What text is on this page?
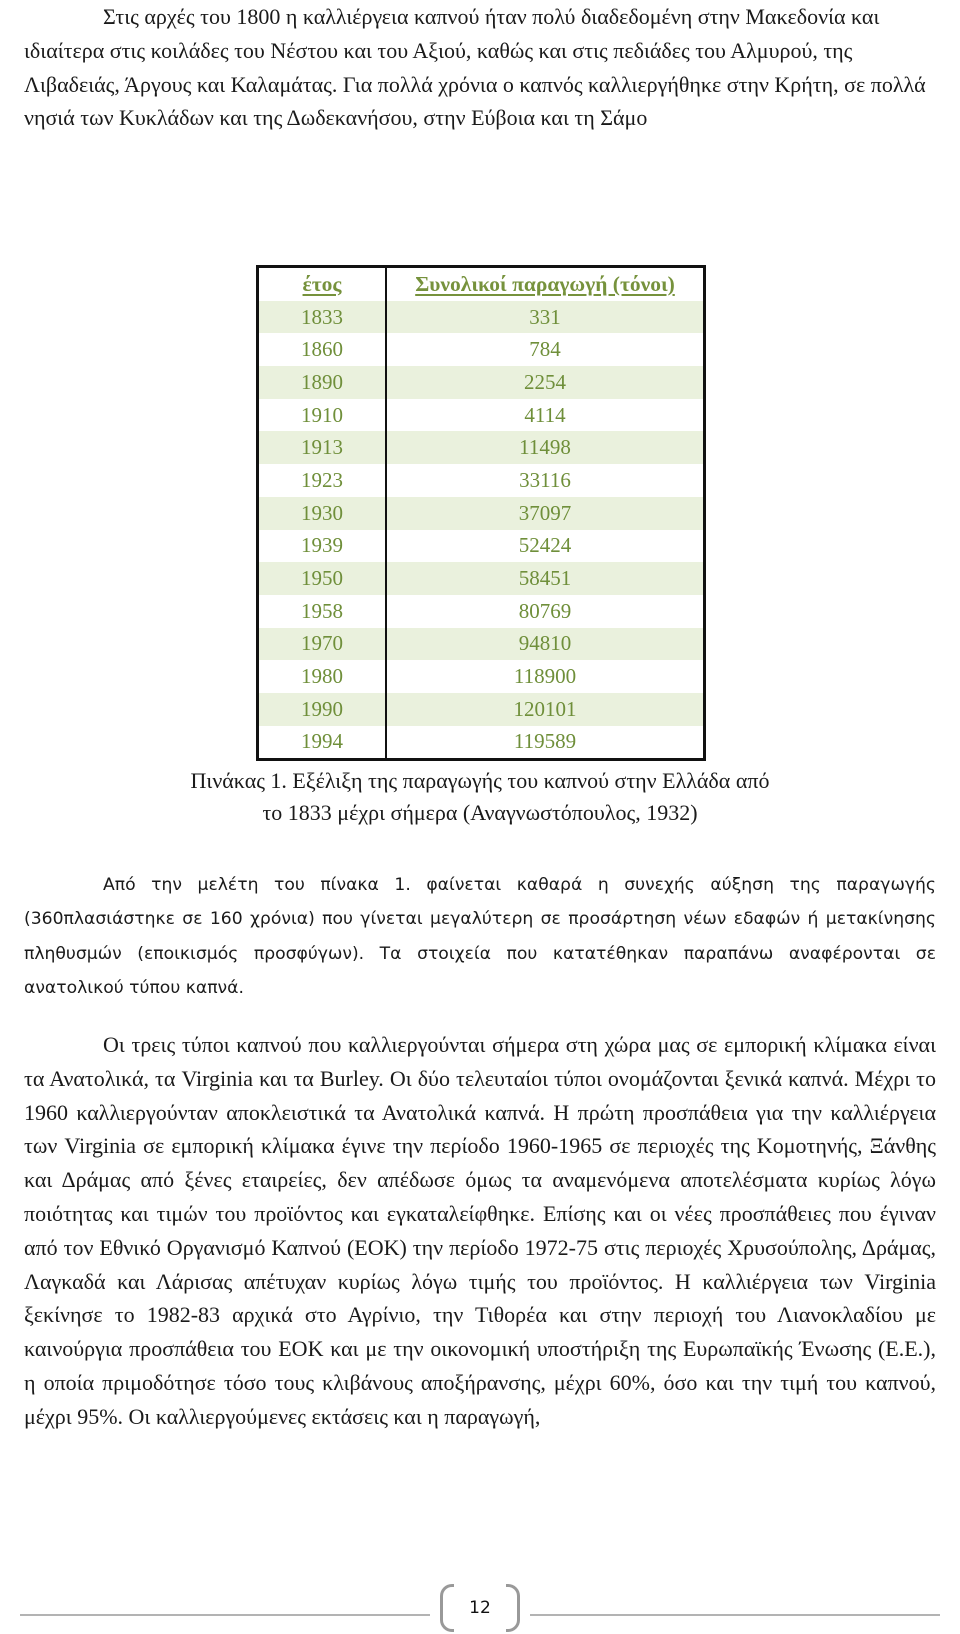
Στις αρχές του 1800 η καλλιέργεια καπνού ήταν πολύ διαδεδομένη στην Μακεδονία και ιδιαίτερα στις κοιλάδες του Νέστου και του Αξιού, καθώς και στις πεδιάδες του Αλμυρού, της Λιβαδειάς, Άργους και Καλαμάτας. Για πολλά χρόνια ο καπνός καλλιεργήθηκε στην Κρήτη, σε πολλά νησιά των Κυκλάδων και της Δωδεκανήσου, στην Εύβοια και τη Σάμο

έτος	Συνολικοί παραγωγή (τόνοι)
1833	331
1860	784
1890	2254
1910	4114
1913	11498
1923	33116
1930	37097
1939	52424
1950	58451
1958	80769
1970	94810
1980	118900
1990	120101
1994	119589

Πινάκας 1. Εξέλιξη της παραγωγής του καπνού στην Ελλάδα από

το 1833 μέχρι σήμερα (Αναγνωστόπουλος, 1932)

Από την μελέτη του πίνακα 1. φαίνεται καθαρά η συνεχής αύξηση της παραγωγής (360πλασιάστηκε σε 160 χρόνια) που γίνεται μεγαλύτερη σε προσάρτηση νέων εδαφών ή μετακίνησης πληθυσμών (εποικισμός προσφύγων). Τα στοιχεία που κατατέθηκαν παραπάνω αναφέρονται σε ανατολικού τύπου καπνά.

Οι τρεις τύποι καπνού που καλλιεργούνται σήμερα στη χώρα μας σε εμπορική κλίμακα είναι τα Ανατολικά, τα Virginia και τα Burley. Οι δύο τελευταίοι τύποι ονομάζονται ξενικά καπνά. Μέχρι το 1960 καλλιεργούνταν αποκλειστικά τα Ανατολικά καπνά. Η πρώτη προσπάθεια για την καλλιέργεια των Virginia σε εμπορική κλίμακα έγινε την περίοδο 1960-1965 σε περιοχές της Κομοτηνής, Ξάνθης και Δράμας από ξένες εταιρείες, δεν απέδωσε όμως τα αναμενόμενα αποτελέσματα κυρίως λόγω ποιότητας και τιμών του προϊόντος και εγκαταλείφθηκε. Επίσης και οι νέες προσπάθειες που έγιναν από τον Εθνικό Οργανισμό Καπνού (ΕΟΚ) την περίοδο 1972-75 στις περιοχές Χρυσούπολης, Δράμας, Λαγκαδά και Λάρισας απέτυχαν κυρίως λόγω τιμής του προϊόντος. Η καλλιέργεια των Virginia ξεκίνησε το 1982-83 αρχικά στο Αγρίνιο, την Τιθορέα και στην περιοχή του Λιανοκλαδίου με καινούργια προσπάθεια του ΕΟΚ και με την οικονομική υποστήριξη της Ευρωπαϊκής Ένωσης (Ε.Ε.), η οποία πριμοδότησε τόσο τους κλιβάνους αποξήρανσης, μέχρι 60%, όσο και την τιμή του καπνού, μέχρι 95%. Οι καλλιεργούμενες εκτάσεις και η παραγωγή,

12
